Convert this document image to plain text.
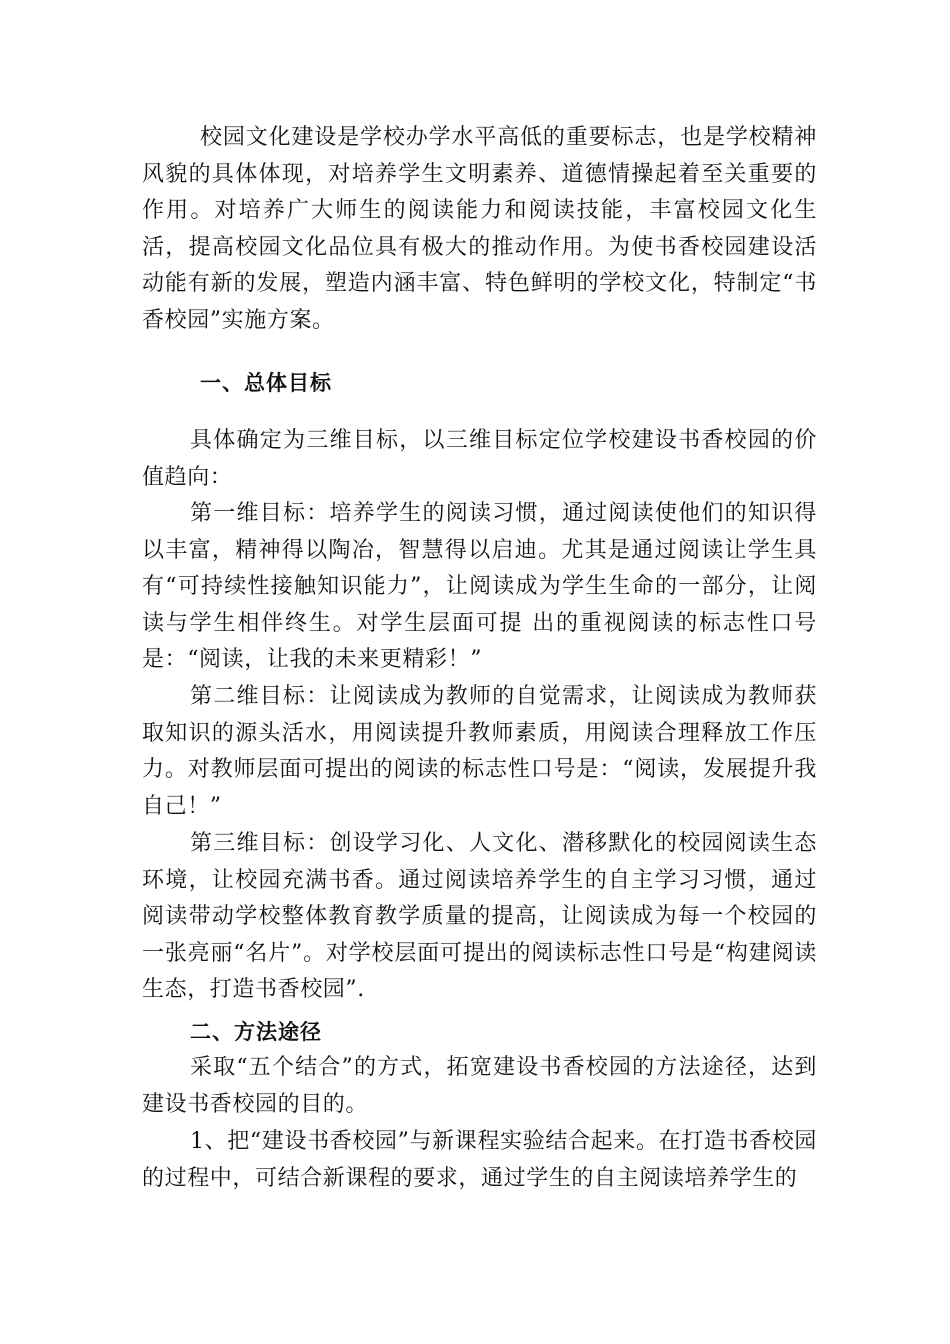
校园文化建设是学校办学水平高低的重要标志，也是学校精神风貌的具体体现，对培养学生文明素养、道德情操起着至关重要的作用。对培养广大师生的阅读能力和阅读技能，丰富校园文化生活，提高校园文化品位具有极大的推动作用。为使书香校园建设活动能有新的发展，塑造内涵丰富、特色鲜明的学校文化，特制定“书香校园”实施方案。

一、总体目标

具体确定为三维目标，以三维目标定位学校建设书香校园的价值趋向：

第一维目标：培养学生的阅读习惯，通过阅读使他们的知识得以丰富，精神得以陶冶，智慧得以启迪。尤其是通过阅读让学生具有“可持续性接触知识能力”，让阅读成为学生生命的一部分，让阅读与学生相伴终生。对学生层面可提 出的重视阅读的标志性口号是：“阅读，让我的未来更精彩！”

第二维目标：让阅读成为教师的自觉需求，让阅读成为教师获取知识的源头活水，用阅读提升教师素质，用阅读合理释放工作压力。对教师层面可提出的阅读的标志性口号是：“阅读，发展提升我自己！”

第三维目标：创设学习化、人文化、潜移默化的校园阅读生态环境，让校园充满书香。通过阅读培养学生的自主学习习惯，通过阅读带动学校整体教育教学质量的提高，让阅读成为每一个校园的一张亮丽“名片”。对学校层面可提出的阅读标志性口号是“构建阅读生态，打造书香校园”.

二、方法途径

采取“五个结合”的方式，拓宽建设书香校园的方法途径，达到建设书香校园的目的。

1、把“建设书香校园”与新课程实验结合起来。在打造书香校园的过程中，可结合新课程的要求，通过学生的自主阅读培养学生的
